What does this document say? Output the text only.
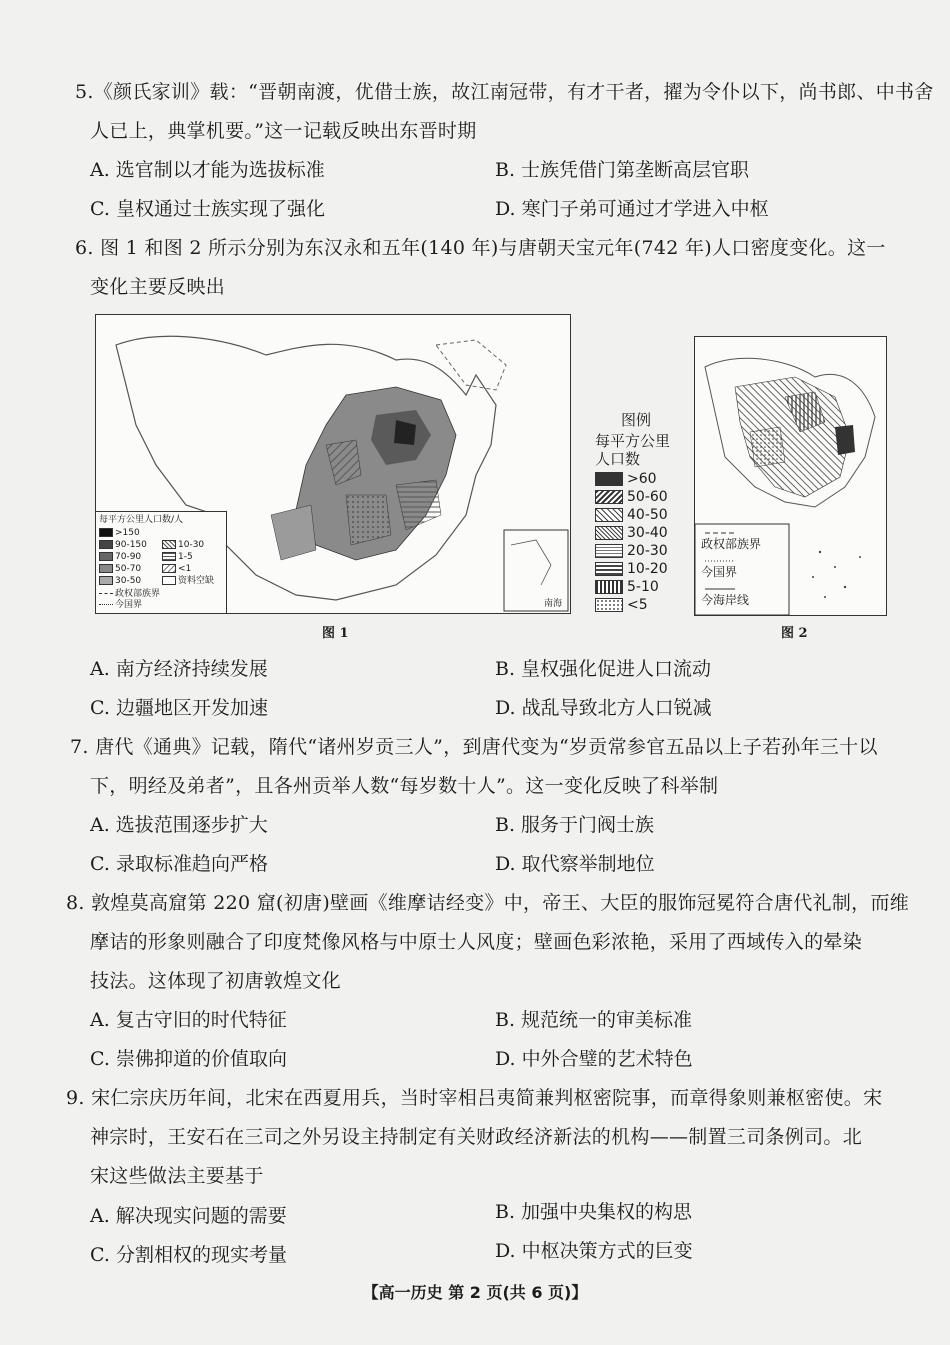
5.《颜氏家训》载：“晋朝南渡，优借士族，故江南冠带，有才干者，擢为令仆以下，尚书郎、中书舍
人已上，典掌机要。”这一记载反映出东晋时期
A. 选官制以才能为选拔标准	B. 士族凭借门第垄断高层官职
C. 皇权通过士族实现了强化	D. 寒门子弟可通过才学进入中枢
6. 图 1 和图 2 所示分别为东汉永和五年(140 年)与唐朝天宝元年(742 年)人口密度变化。这一
变化主要反映出
南海
每平方公里人口数/人
>150
90-150
70-90
50-70
30-50
10-30
1-5
<1
资料空缺
政权部族界
今国界
图 1
图例
每平方公里
人口数
>60
50-60
40-50
30-40
20-30
10-20
5-10
<5
政权部族界
今国界
今海岸线
图 2
A. 南方经济持续发展	B. 皇权强化促进人口流动
C. 边疆地区开发加速	D. 战乱导致北方人口锐减
7. 唐代《通典》记载，隋代“诸州岁贡三人”，到唐代变为“岁贡常参官五品以上子若孙年三十以
下，明经及弟者”，且各州贡举人数“每岁数十人”。这一变化反映了科举制
A. 选拔范围逐步扩大	B. 服务于门阀士族
C. 录取标准趋向严格	D. 取代察举制地位
8. 敦煌莫高窟第 220 窟(初唐)壁画《维摩诘经变》中，帝王、大臣的服饰冠冕符合唐代礼制，而维
摩诘的形象则融合了印度梵像风格与中原士人风度；壁画色彩浓艳，采用了西域传入的晕染
技法。这体现了初唐敦煌文化
A. 复古守旧的时代特征	B. 规范统一的审美标准
C. 崇佛抑道的价值取向	D. 中外合璧的艺术特色
9. 宋仁宗庆历年间，北宋在西夏用兵，当时宰相吕夷简兼判枢密院事，而章得象则兼枢密使。宋
神宗时，王安石在三司之外另设主持制定有关财政经济新法的机构——制置三司条例司。北
宋这些做法主要基于
A. 解决现实问题的需要	B. 加强中央集权的构思
C. 分割相权的现实考量	D. 中枢决策方式的巨变
【高一历史 第 2 页(共 6 页)】
